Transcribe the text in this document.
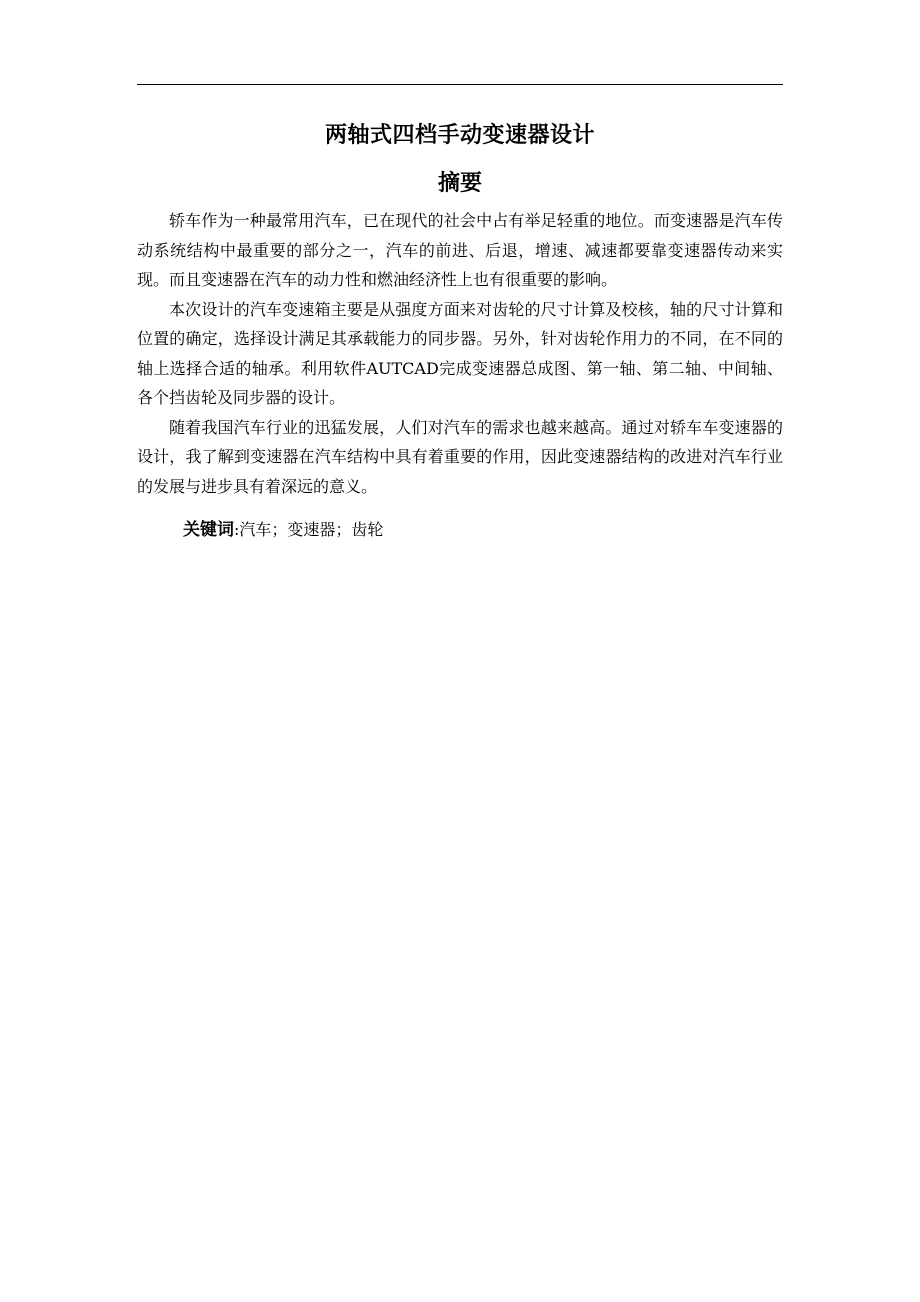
两轴式四档手动变速器设计
摘要

轿车作为一种最常用汽车，已在现代的社会中占有举足轻重的地位。而变速器是汽车传动系统结构中最重要的部分之一，汽车的前进、后退，增速、减速都要靠变速器传动来实现。而且变速器在汽车的动力性和燃油经济性上也有很重要的影响。

本次设计的汽车变速箱主要是从强度方面来对齿轮的尺寸计算及校核，轴的尺寸计算和位置的确定，选择设计满足其承载能力的同步器。另外，针对齿轮作用力的不同，在不同的轴上选择合适的轴承。利用软件AUTCAD完成变速器总成图、第一轴、第二轴、中间轴、各个挡齿轮及同步器的设计。

随着我国汽车行业的迅猛发展，人们对汽车的需求也越来越高。通过对轿车车变速器的设计，我了解到变速器在汽车结构中具有着重要的作用，因此变速器结构的改进对汽车行业的发展与进步具有着深远的意义。

关键词:汽车；变速器；齿轮
